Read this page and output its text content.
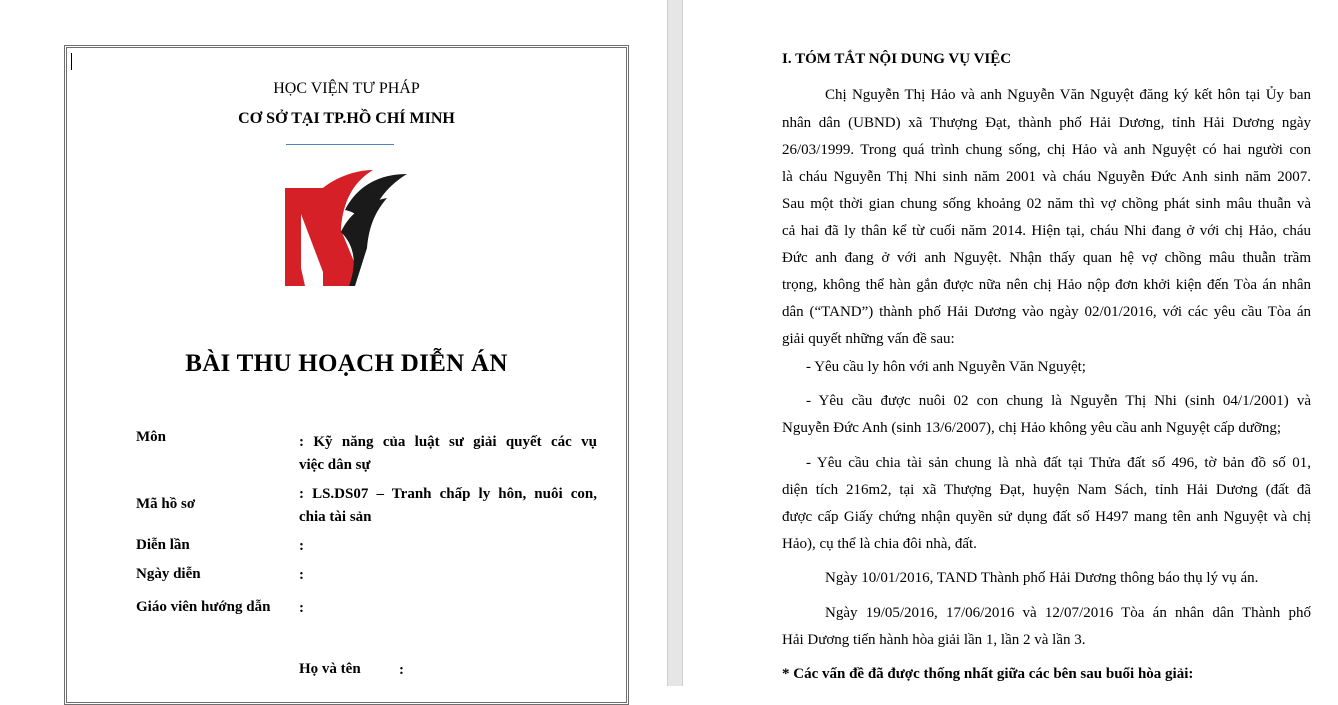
HỌC VIỆN TƯ PHÁP
CƠ SỞ TẠI TP.HỒ CHÍ MINH
BÀI THU HOẠCH DIỄN ÁN
Môn	: Kỹ năng của luật sư giải quyết các vụ
việc dân sự
Mã hồ sơ
: LS.DS07 – Tranh chấp ly hôn, nuôi con,
chia tài sản
Diễn lần	:
Ngày diễn	:
Giáo viên hướng dẫn :
Họ và tên	:
I. TÓM TẮT NỘI DUNG VỤ VIỆC
Chị Nguyễn Thị Hảo và anh Nguyễn Văn Nguyệt đăng ký kết hôn tại Ủy ban
nhân dân (UBND) xã Thượng Đạt, thành phố Hải Dương, tỉnh Hải Dương ngày
26/03/1999. Trong quá trình chung sống, chị Hảo và anh Nguyệt có hai người con
là cháu Nguyễn Thị Nhi sinh năm 2001 và cháu Nguyễn Đức Anh sinh năm 2007.
Sau một thời gian chung sống khoảng 02 năm thì vợ chồng phát sinh mâu thuẫn và
cả hai đã ly thân kể từ cuối năm 2014. Hiện tại, cháu Nhi đang ở với chị Hảo, cháu
Đức anh đang ở với anh Nguyệt. Nhận thấy quan hệ vợ chồng mâu thuẫn trầm
trọng, không thể hàn gắn được nữa nên chị Hảo nộp đơn khởi kiện đến Tòa án nhân
dân (“TAND”) thành phố Hải Dương vào ngày 02/01/2016, với các yêu cầu Tòa án
giải quyết những vấn đề sau:
- Yêu cầu ly hôn với anh Nguyễn Văn Nguyệt;
- Yêu cầu được nuôi 02 con chung là Nguyễn Thị Nhi (sinh 04/1/2001) và
Nguyễn Đức Anh (sinh 13/6/2007), chị Hảo không yêu cầu anh Nguyệt cấp dưỡng;
- Yêu cầu chia tài sản chung là nhà đất tại Thửa đất số 496, tờ bản đồ số 01,
diện tích 216m2, tại xã Thượng Đạt, huyện Nam Sách, tỉnh Hải Dương (đất đã
được cấp Giấy chứng nhận quyền sử dụng đất số H497 mang tên anh Nguyệt và chị
Hảo), cụ thể là chia đôi nhà, đất.
Ngày 10/01/2016, TAND Thành phố Hải Dương thông báo thụ lý vụ án.
Ngày 19/05/2016, 17/06/2016 và 12/07/2016 Tòa án nhân dân Thành phố
Hải Dương tiến hành hòa giải lần 1, lần 2 và lần 3.
* Các vấn đề đã được thống nhất giữa các bên sau buổi hòa giải:
